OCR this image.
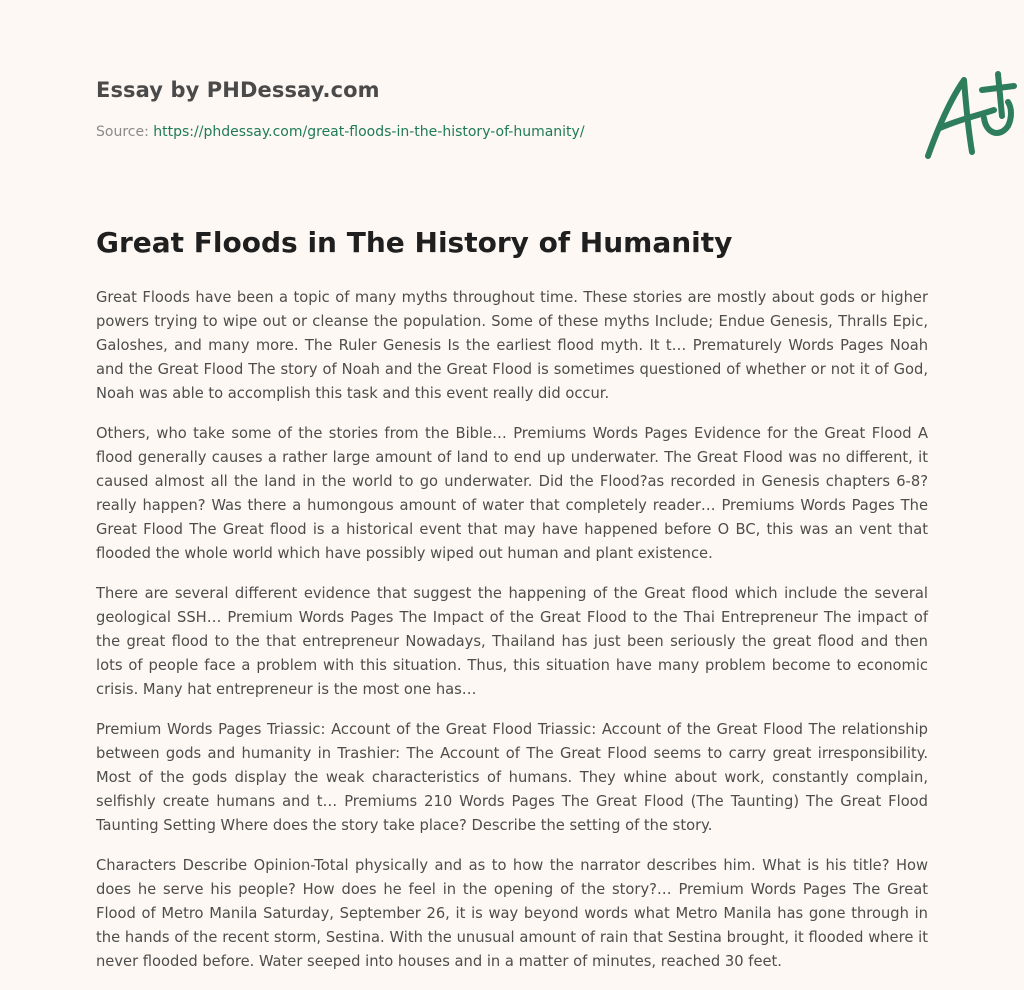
Essay by PHDessay.com
Source: https://phdessay.com/great-floods-in-the-history-of-humanity/
Great Floods in The History of Humanity

Great Floods have been a topic of many myths throughout time. These stories are mostly about gods or higher powers trying to wipe out or cleanse the population. Some of these myths Include; Endue Genesis, Thralls Epic, Galoshes, and many more. The Ruler Genesis Is the earliest flood myth. It t… Prematurely Words Pages Noah and the Great Flood The story of Noah and the Great Flood is sometimes questioned of whether or not it of God, Noah was able to accomplish this task and this event really did occur.

Others, who take some of the stories from the Bible… Premiums Words Pages Evidence for the Great Flood A flood generally causes a rather large amount of land to end up underwater. The Great Flood was no different, it caused almost all the land in the world to go underwater. Did the Flood?as recorded in Genesis chapters 6-8? really happen? Was there a humongous amount of water that completely reader… Premiums Words Pages The Great Flood The Great flood is a historical event that may have happened before O BC, this was an vent that flooded the whole world which have possibly wiped out human and plant existence.

There are several different evidence that suggest the happening of the Great flood which include the several geological SSH… Premium Words Pages The Impact of the Great Flood to the Thai Entrepreneur The impact of the great flood to the that entrepreneur Nowadays, Thailand has just been seriously the great flood and then lots of people face a problem with this situation. Thus, this situation have many problem become to economic crisis. Many hat entrepreneur is the most one has…

Premium Words Pages Triassic: Account of the Great Flood Triassic: Account of the Great Flood The relationship between gods and humanity in Trashier: The Account of The Great Flood seems to carry great irresponsibility. Most of the gods display the weak characteristics of humans. They whine about work, constantly complain, selfishly create humans and t… Premiums 210 Words Pages The Great Flood (The Taunting) The Great Flood Taunting Setting Where does the story take place? Describe the setting of the story.

Characters Describe Opinion-Total physically and as to how the narrator describes him. What is his title? How does he serve his people? How does he feel in the opening of the story?… Premium Words Pages The Great Flood of Metro Manila Saturday, September 26, it is way beyond words what Metro Manila has gone through in the hands of the recent storm, Sestina. With the unusual amount of rain that Sestina brought, it flooded where it never flooded before. Water seeped into houses and in a matter of minutes, reached 30 feet.
